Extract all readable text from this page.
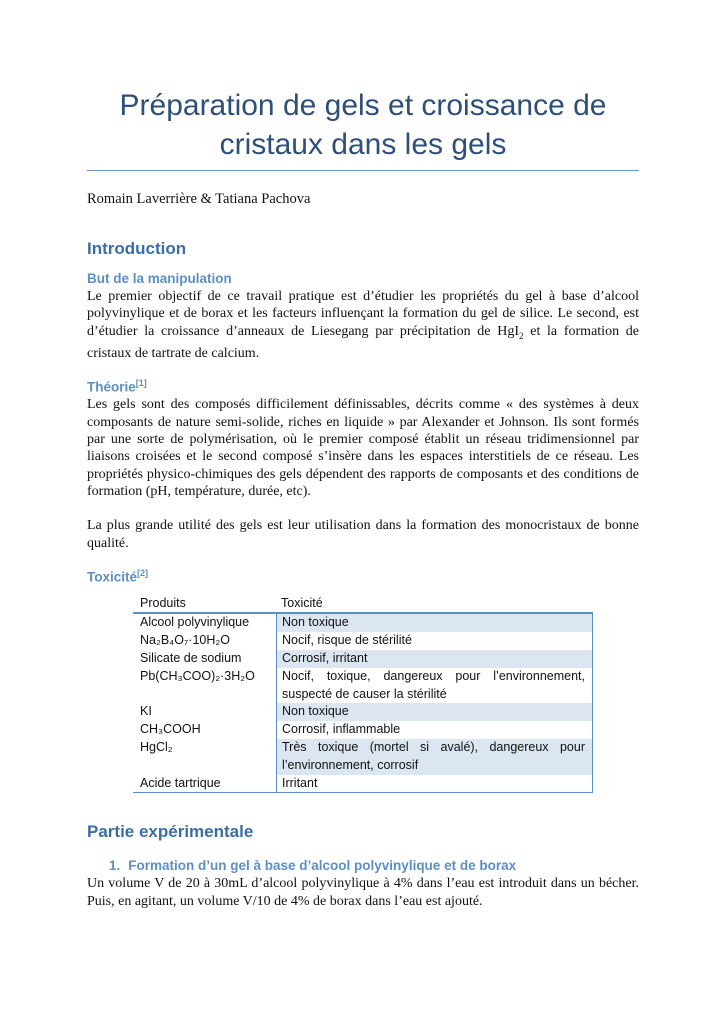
Préparation de gels et croissance de
cristaux dans les gels
Romain Laverrière & Tatiana Pachova
Introduction
But de la manipulation

Le premier objectif de ce travail pratique est d’étudier les propriétés du gel à base d’alcool polyvinylique et de borax et les facteurs influençant la formation du gel de silice. Le second, est d’étudier la croissance d’anneaux de Liesegang par précipitation de HgI$_2$ et la formation de cristaux de tartrate de calcium.

Théorie[1]

Les gels sont des composés difficilement définissables, décrits comme « des systèmes à deux composants de nature semi-solide, riches en liquide » par Alexander et Johnson. Ils sont formés par une sorte de polymérisation, où le premier composé établit un réseau tridimensionnel par liaisons croisées et le second composé s’insère dans les espaces interstitiels de ce réseau. Les propriétés physico-chimiques des gels dépendent des rapports de composants et des conditions de formation (pH, température, durée, etc).

La plus grande utilité des gels est leur utilisation dans la formation des monocristaux de bonne qualité.

Toxicité[2]
Produits	Toxicité
Alcool polyvinylique	Non toxique
Na₂B₄O₇·10H₂O	Nocif, risque de stérilité
Silicate de sodium	Corrosif, irritant
Pb(CH₃COO)₂·3H₂O	Nocif, toxique, dangereux pour l’environnement, suspecté de causer la stérilité
KI	Non toxique
CH₃COOH	Corrosif, inflammable
HgCl₂	Très toxique (mortel si avalé), dangereux pour l’environnement, corrosif
Acide tartrique	Irritant
Partie expérimentale
1. Formation d’un gel à base d’alcool polyvinylique et de borax

Un volume V de 20 à 30mL d’alcool polyvinylique à 4% dans l’eau est introduit dans un bécher. Puis, en agitant, un volume V/10 de 4% de borax dans l’eau est ajouté.
